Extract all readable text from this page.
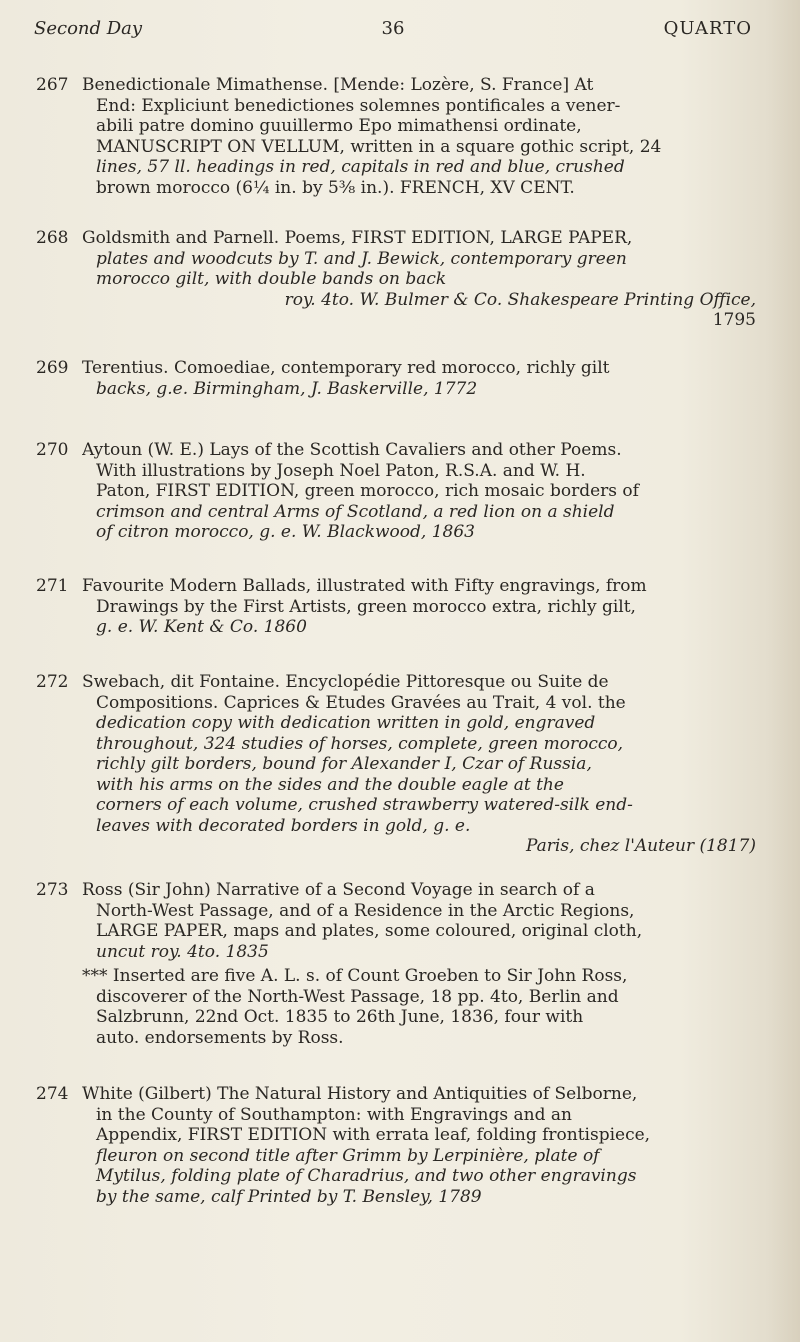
Second Day	36	QUARTO
267 Benedictionale Mimathense. [Mende: Lozère, S. France] At
End: Expliciunt benedictiones solemnes pontificales a vener-
abili patre domino guuillermo Epo mimathensi ordinate,
MANUSCRIPT ON VELLUM, written in a square gothic script, 24
lines, 57 ll. headings in red, capitals in red and blue, crushed
brown morocco (6¼ in. by 5⅜ in.). FRENCH, XV CENT.
268 Goldsmith and Parnell. Poems, FIRST EDITION, LARGE PAPER,
plates and woodcuts by T. and J. Bewick, contemporary green
morocco gilt, with double bands on back
roy. 4to. W. Bulmer & Co. Shakespeare Printing Office,
1795
269 Terentius. Comoediae, contemporary red morocco, richly gilt
backs, g.e. Birmingham, J. Baskerville, 1772
270 Aytoun (W. E.) Lays of the Scottish Cavaliers and other Poems.
With illustrations by Joseph Noel Paton, R.S.A. and W. H.
Paton, FIRST EDITION, green morocco, rich mosaic borders of
crimson and central Arms of Scotland, a red lion on a shield
of citron morocco, g. e. W. Blackwood, 1863
271 Favourite Modern Ballads, illustrated with Fifty engravings, from
Drawings by the First Artists, green morocco extra, richly gilt,
g. e. W. Kent & Co. 1860
272 Swebach, dit Fontaine. Encyclopédie Pittoresque ou Suite de
Compositions. Caprices & Etudes Gravées au Trait, 4 vol. the
dedication copy with dedication written in gold, engraved
throughout, 324 studies of horses, complete, green morocco,
richly gilt borders, bound for Alexander I, Czar of Russia,
with his arms on the sides and the double eagle at the
corners of each volume, crushed strawberry watered-silk end-
leaves with decorated borders in gold, g. e.
Paris, chez l'Auteur (1817)
273 Ross (Sir John) Narrative of a Second Voyage in search of a
North-West Passage, and of a Residence in the Arctic Regions,
LARGE PAPER, maps and plates, some coloured, original cloth,
uncut roy. 4to. 1835
*** Inserted are five A. L. s. of Count Groeben to Sir John Ross,
discoverer of the North-West Passage, 18 pp. 4to, Berlin and
Salzbrunn, 22nd Oct. 1835 to 26th June, 1836, four with
auto. endorsements by Ross.
274 White (Gilbert) The Natural History and Antiquities of Selborne,
in the County of Southampton: with Engravings and an
Appendix, FIRST EDITION with errata leaf, folding frontispiece,
fleuron on second title after Grimm by Lerpinière, plate of
Mytilus, folding plate of Charadrius, and two other engravings
by the same, calf Printed by T. Bensley, 1789
